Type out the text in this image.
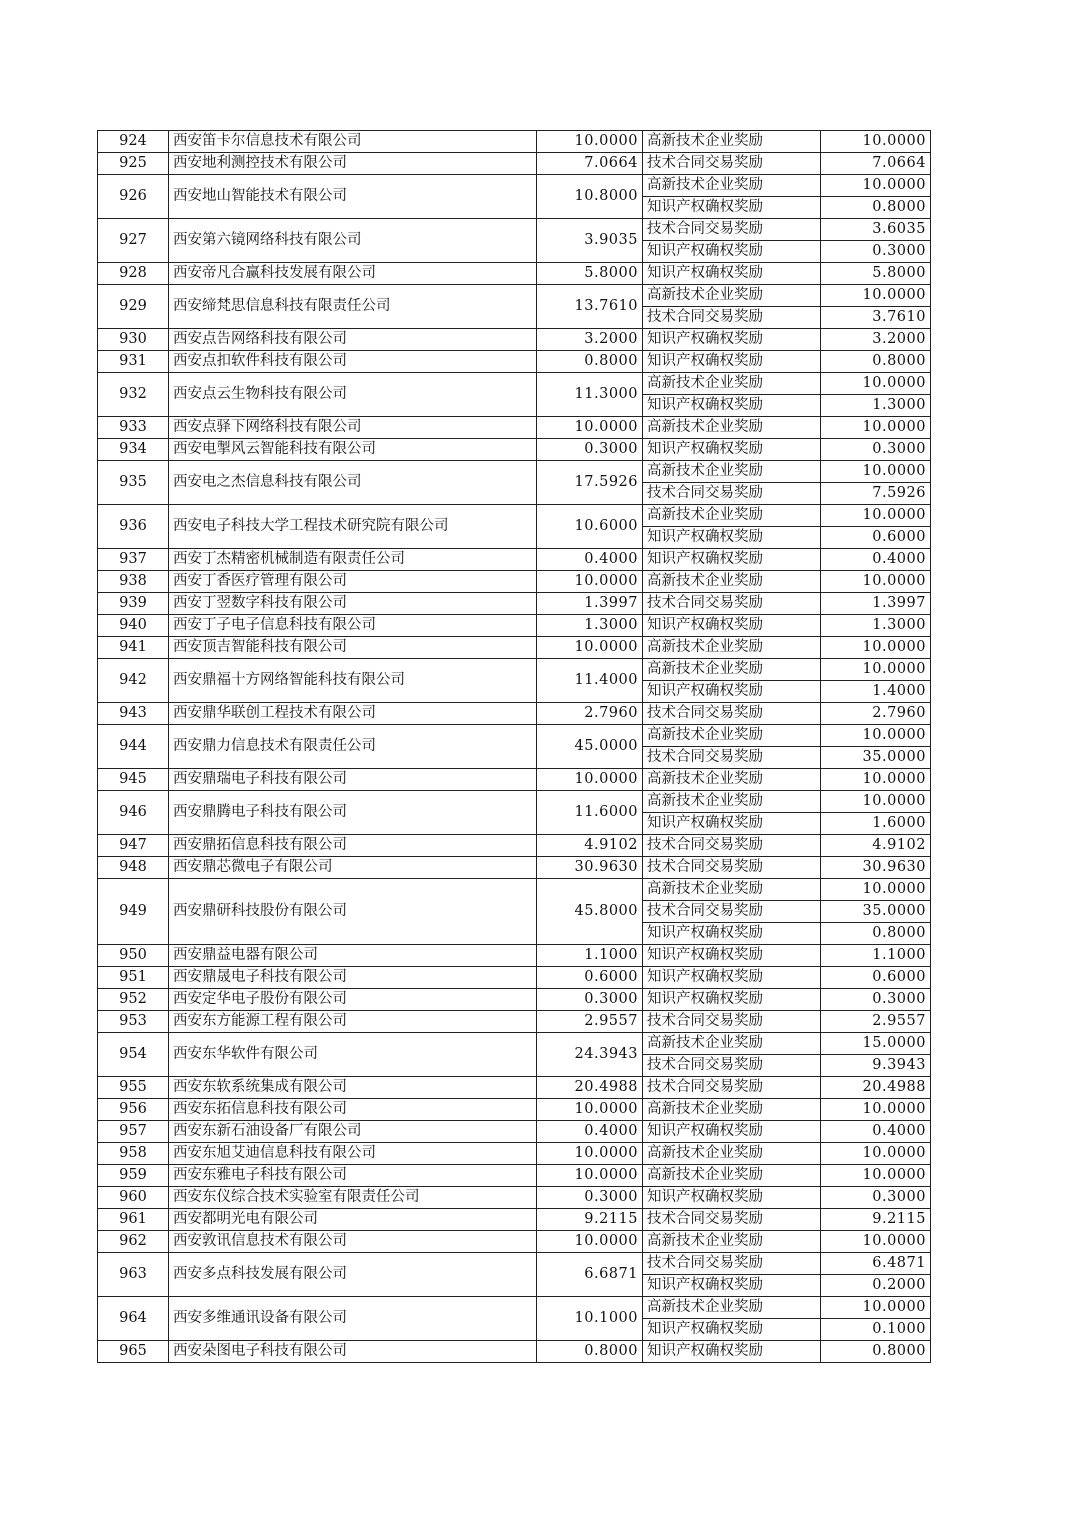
924	西安笛卡尔信息技术有限公司	10.0000	高新技术企业奖励	10.0000
925	西安地利测控技术有限公司	7.0664	技术合同交易奖励	7.0664
926	西安地山智能技术有限公司	10.8000	高新技术企业奖励	10.0000
			知识产权确权奖励	0.8000
927	西安第六镜网络科技有限公司	3.9035	技术合同交易奖励	3.6035
			知识产权确权奖励	0.3000
928	西安帝凡合赢科技发展有限公司	5.8000	知识产权确权奖励	5.8000
929	西安缔梵思信息科技有限责任公司	13.7610	高新技术企业奖励	10.0000
			技术合同交易奖励	3.7610
930	西安点告网络科技有限公司	3.2000	知识产权确权奖励	3.2000
931	西安点扣软件科技有限公司	0.8000	知识产权确权奖励	0.8000
932	西安点云生物科技有限公司	11.3000	高新技术企业奖励	10.0000
			知识产权确权奖励	1.3000
933	西安点驿下网络科技有限公司	10.0000	高新技术企业奖励	10.0000
934	西安电掣风云智能科技有限公司	0.3000	知识产权确权奖励	0.3000
935	西安电之杰信息科技有限公司	17.5926	高新技术企业奖励	10.0000
			技术合同交易奖励	7.5926
936	西安电子科技大学工程技术研究院有限公司	10.6000	高新技术企业奖励	10.0000
			知识产权确权奖励	0.6000
937	西安丁杰精密机械制造有限责任公司	0.4000	知识产权确权奖励	0.4000
938	西安丁香医疗管理有限公司	10.0000	高新技术企业奖励	10.0000
939	西安丁翌数字科技有限公司	1.3997	技术合同交易奖励	1.3997
940	西安丁子电子信息科技有限公司	1.3000	知识产权确权奖励	1.3000
941	西安顶吉智能科技有限公司	10.0000	高新技术企业奖励	10.0000
942	西安鼎福十方网络智能科技有限公司	11.4000	高新技术企业奖励	10.0000
			知识产权确权奖励	1.4000
943	西安鼎华联创工程技术有限公司	2.7960	技术合同交易奖励	2.7960
944	西安鼎力信息技术有限责任公司	45.0000	高新技术企业奖励	10.0000
			技术合同交易奖励	35.0000
945	西安鼎瑞电子科技有限公司	10.0000	高新技术企业奖励	10.0000
946	西安鼎腾电子科技有限公司	11.6000	高新技术企业奖励	10.0000
			知识产权确权奖励	1.6000
947	西安鼎拓信息科技有限公司	4.9102	技术合同交易奖励	4.9102
948	西安鼎芯微电子有限公司	30.9630	技术合同交易奖励	30.9630
949	西安鼎研科技股份有限公司	45.8000	高新技术企业奖励	10.0000
			技术合同交易奖励	35.0000
			知识产权确权奖励	0.8000
950	西安鼎益电器有限公司	1.1000	知识产权确权奖励	1.1000
951	西安鼎晟电子科技有限公司	0.6000	知识产权确权奖励	0.6000
952	西安定华电子股份有限公司	0.3000	知识产权确权奖励	0.3000
953	西安东方能源工程有限公司	2.9557	技术合同交易奖励	2.9557
954	西安东华软件有限公司	24.3943	高新技术企业奖励	15.0000
			技术合同交易奖励	9.3943
955	西安东软系统集成有限公司	20.4988	技术合同交易奖励	20.4988
956	西安东拓信息科技有限公司	10.0000	高新技术企业奖励	10.0000
957	西安东新石油设备厂有限公司	0.4000	知识产权确权奖励	0.4000
958	西安东旭艾迪信息科技有限公司	10.0000	高新技术企业奖励	10.0000
959	西安东雅电子科技有限公司	10.0000	高新技术企业奖励	10.0000
960	西安东仪综合技术实验室有限责任公司	0.3000	知识产权确权奖励	0.3000
961	西安都明光电有限公司	9.2115	技术合同交易奖励	9.2115
962	西安敦讯信息技术有限公司	10.0000	高新技术企业奖励	10.0000
963	西安多点科技发展有限公司	6.6871	技术合同交易奖励	6.4871
			知识产权确权奖励	0.2000
964	西安多维通讯设备有限公司	10.1000	高新技术企业奖励	10.0000
			知识产权确权奖励	0.1000
965	西安朵图电子科技有限公司	0.8000	知识产权确权奖励	0.8000
